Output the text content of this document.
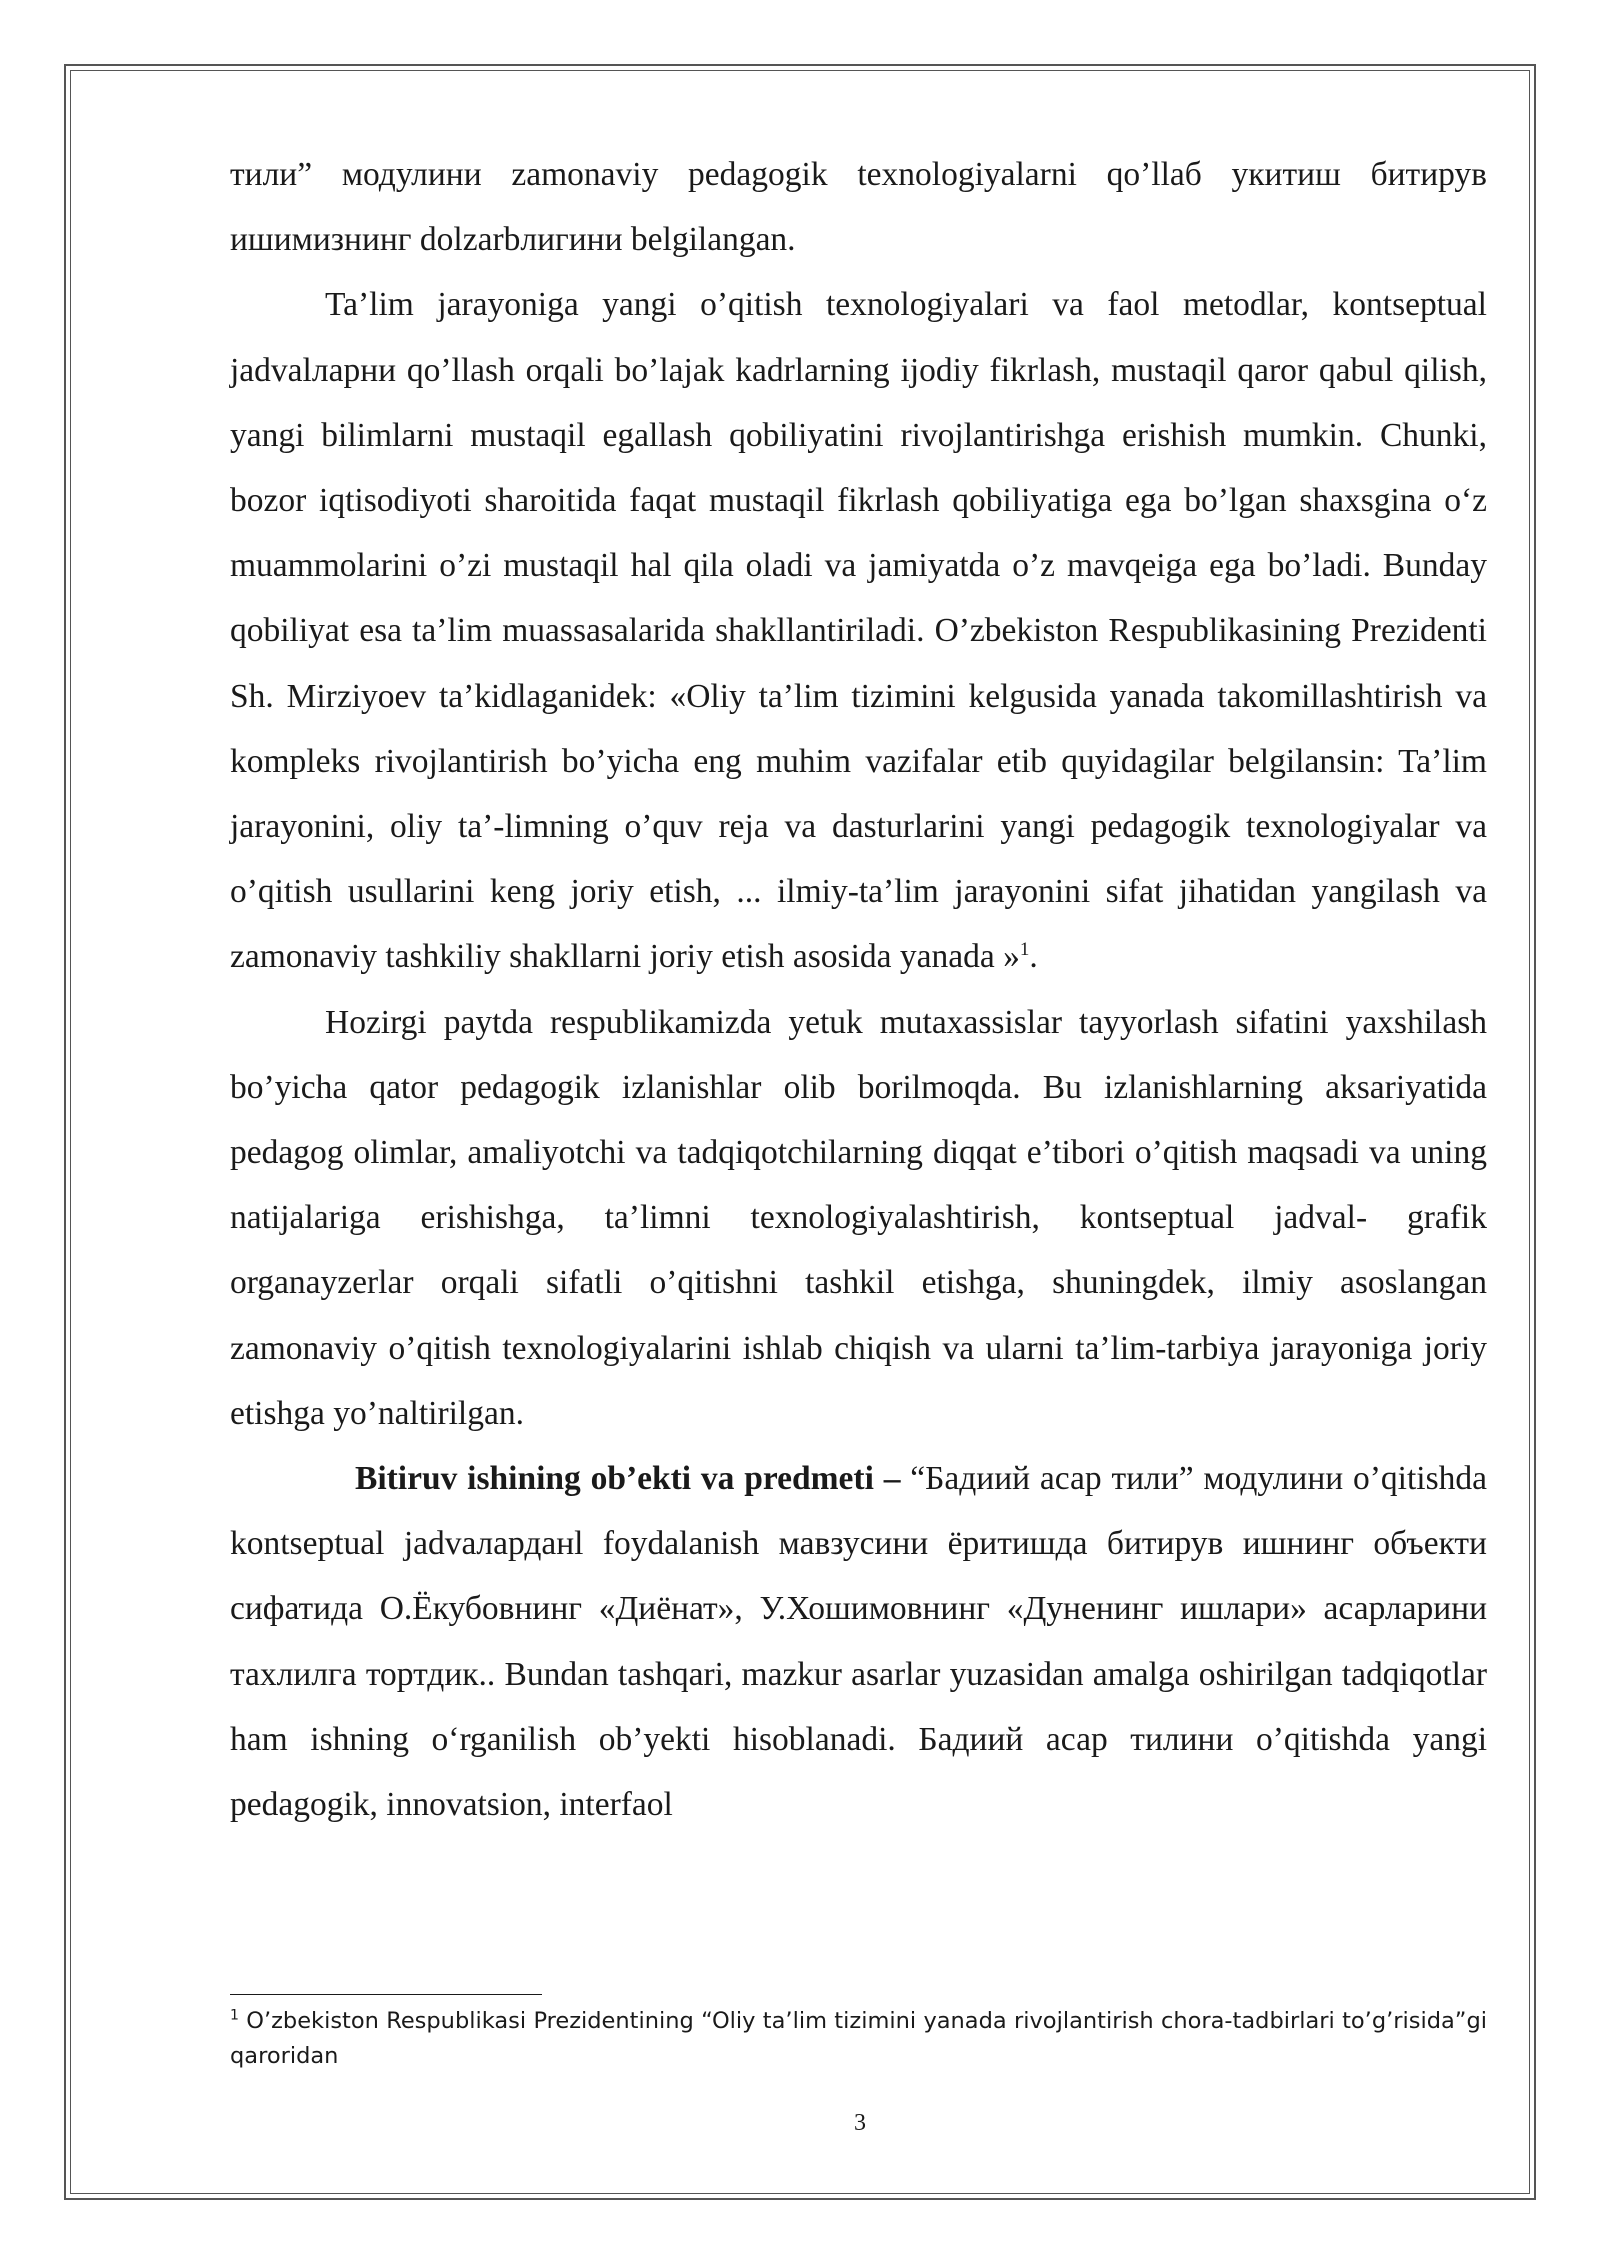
тили” модулини zamonaviy pedagogik texnologiyalarni qo’llaб укитиш битирув ишимизнинг dolzarbлигини belgilangan.

Ta’lim jarayoniga yangi o’qitish texnologiyalari va faol metodlar, kontseptual jadvalларни qo’llash orqali bo’lajak kadrlarning ijodiy fikrlash, mustaqil qaror qabul qilish, yangi bilimlarni mustaqil egallash qobiliyatini rivojlantirishga erishish mumkin. Chunki, bozor iqtisodiyoti sharoitida faqat mustaqil fikrlash qobiliyatiga ega bo’lgan shaxsgina o‘z muammolarini o’zi mustaqil hal qila oladi va jamiyatda o’z mavqeiga ega bo’ladi. Bunday qobiliyat esa ta’lim muassasalarida shakllantiriladi. O’zbekiston Respublikasining Prezidenti Sh. Mirziyoev ta’kidlaganidek: «Oliy ta’lim tizimini kelgusida yanada takomillashtirish va kompleks rivojlantirish bo’yicha eng muhim vazifalar etib quyidagilar belgilansin: Ta’lim jarayonini, oliy ta’-limning o’quv reja va dasturlarini yangi pedagogik texnologiyalar va o’qitish usullarini keng joriy etish, ... ilmiy-ta’lim jarayonini sifat jihatidan yangilash va zamonaviy tashkiliy shakllarni joriy etish asosida yanada »$^1$.

Hozirgi paytda respublikamizda yetuk mutaxassislar tayyorlash sifatini yaxshilash bo’yicha qator pedagogik izlanishlar olib borilmoqda. Bu izlanishlarning aksariyatida pedagog olimlar, amaliyotchi va tadqiqotchilarning diqqat e’tibori o’qitish maqsadi va uning natijalariga erishishga, ta’limni texnologiyalashtirish, kontseptual jadval- grafik organayzerlar orqali sifatli o’qitishni tashkil etishga, shuningdek, ilmiy asoslangan zamonaviy o’qitish texnologiyalarini ishlab chiqish va ularni ta’lim-tarbiya jarayoniga joriy etishga yo’naltirilgan.

Bitiruv ishining ob’ekti va predmeti – “Бадиий асар тили” модулини o’qitishda kontseptual jadvaлардaнl foydalanish мавзусини ёритишда битирув ишнинг объекти сифатида О.Ёкубовнинг «Диёнат», У.Хошимовнинг «Дуненинг ишлари» асарларини тахлилга тортдик.. Bundan tashqari, mazkur asarlar yuzasidan amalga oshirilgan tadqiqotlar ham ishning o‘rganilish ob’yekti hisoblanadi. Бадиий асар тилини o’qitishda yangi pedagogik, innovatsion, interfaol

$^1$ O’zbekiston Respublikasi Prezidentining “Oliy ta’lim tizimini yanada rivojlantirish chora-tadbirlari to’g’risida”gi qaroridan
3
